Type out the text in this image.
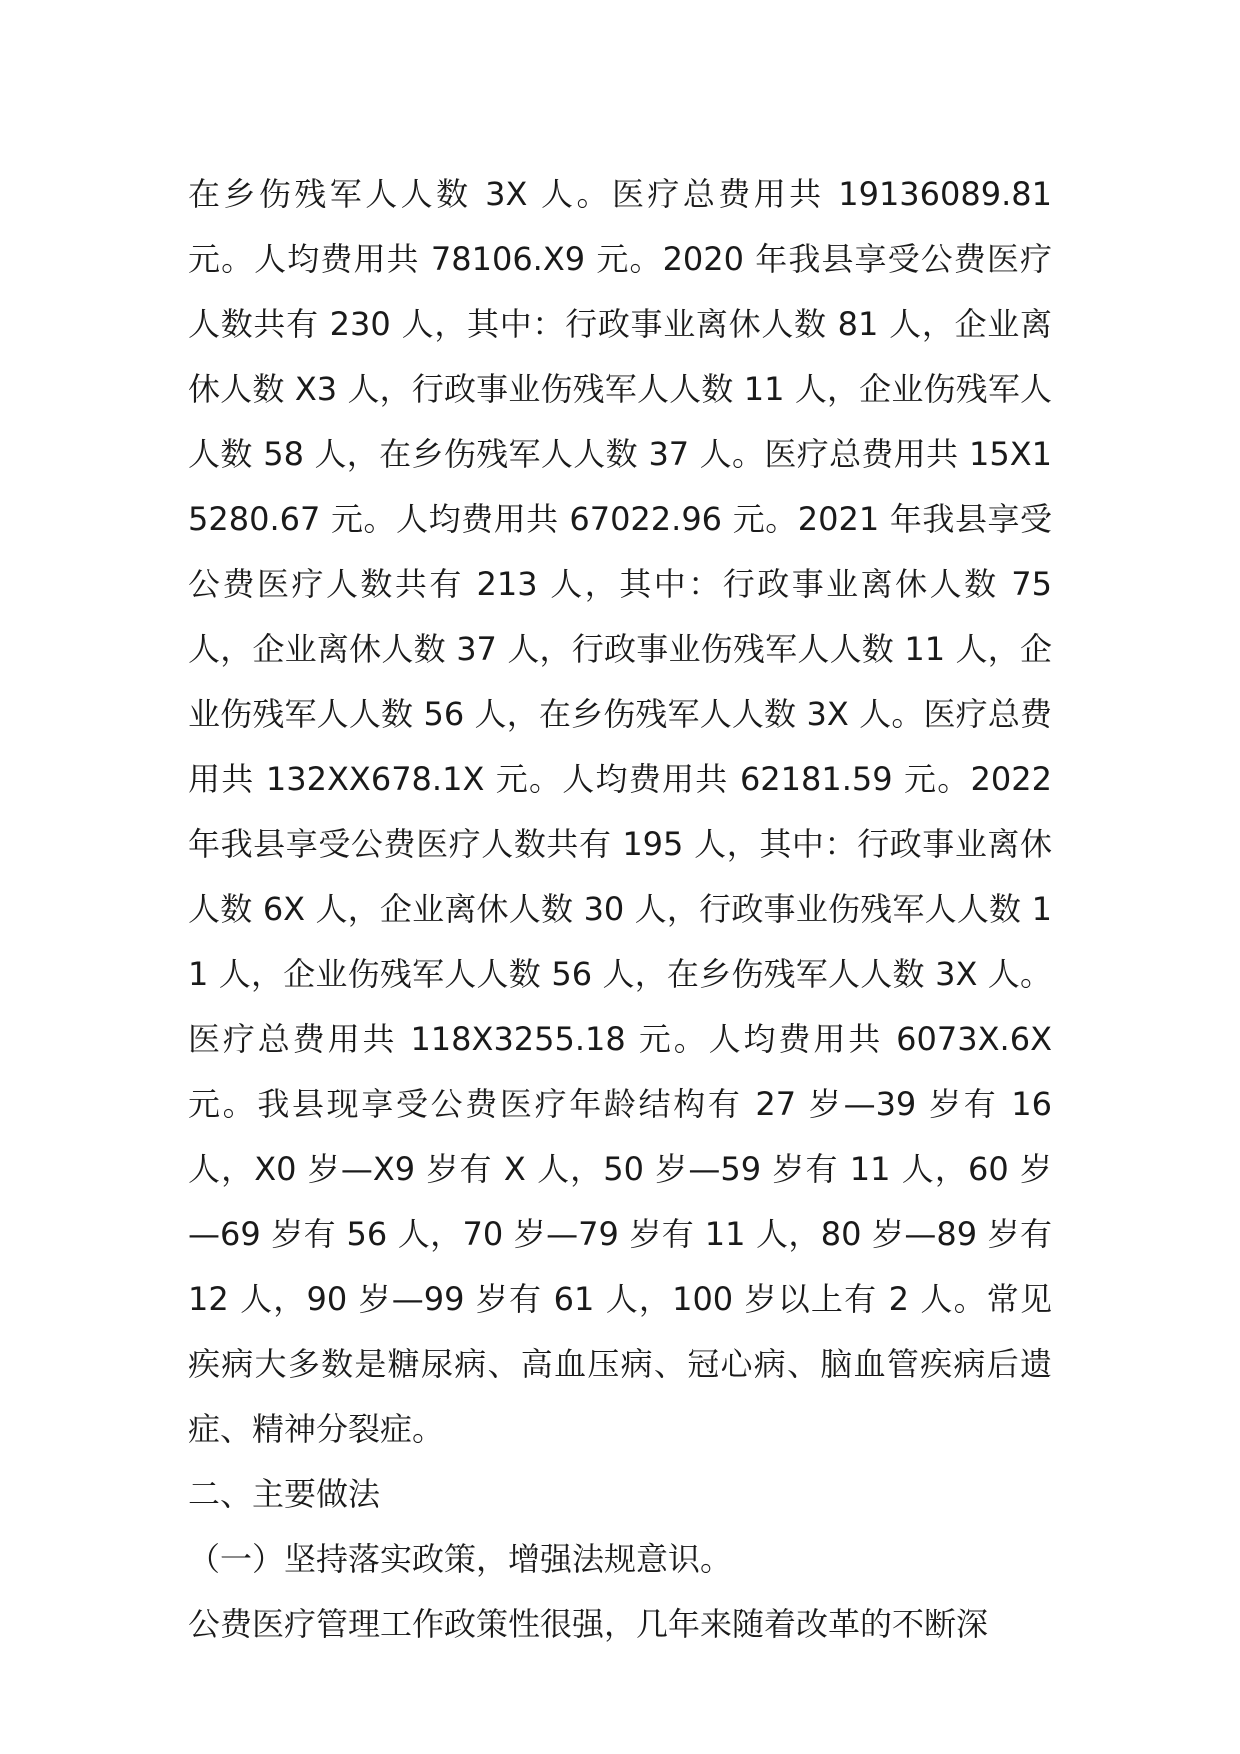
在乡伤残军人人数 3X 人。医疗总费用共 19136089.81 元。人均费用共 78106.X9 元。2020 年我县享受公费医疗人数共有 230 人，其中：行政事业离休人数 81 人，企业离休人数 X3 人，行政事业伤残军人人数 11 人，企业伤残军人人数 58 人，在乡伤残军人人数 37 人。医疗总费用共 15X15280.67 元。人均费用共 67022.96 元。2021 年我县享受公费医疗人数共有 213 人，其中：行政事业离休人数 75 人，企业离休人数 37 人，行政事业伤残军人人数 11 人，企业伤残军人人数 56 人，在乡伤残军人人数 3X 人。医疗总费用共 132XX678.1X 元。人均费用共 62181.59 元。2022 年我县享受公费医疗人数共有 195 人，其中：行政事业离休人数 6X 人，企业离休人数 30 人，行政事业伤残军人人数 11 人，企业伤残军人人数 56 人，在乡伤残军人人数 3X 人。医疗总费用共 118X3255.18 元。人均费用共 6073X.6X 元。我县现享受公费医疗年龄结构有 27 岁—39 岁有 16 人，X0 岁—X9 岁有 X 人，50 岁—59 岁有 11 人，60 岁—69 岁有 56 人，70 岁—79 岁有 11 人，80 岁—89 岁有 12 人，90 岁—99 岁有 61 人，100 岁以上有 2 人。常见疾病大多数是糖尿病、高血压病、冠心病、脑血管疾病后遗症、精神分裂症。

二、主要做法

（一）坚持落实政策，增强法规意识。

公费医疗管理工作政策性很强，几年来随着改革的不断深
